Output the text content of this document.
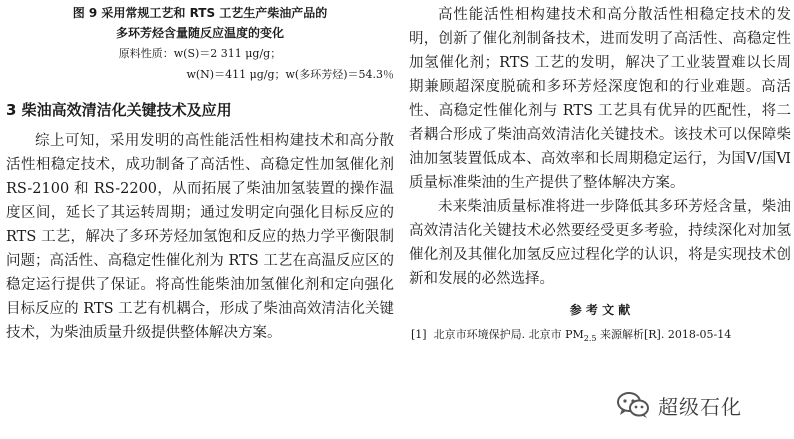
图 9 采用常规工艺和 RTS 工艺生产柴油产品的
多环芳烃含量随反应温度的变化
原料性质：w(S)＝2 311 μg/g；
w(N)＝411 μg/g；w(多环芳烃)＝54.3％
3 柴油高效清洁化关键技术及应用

综上可知，采用发明的高性能活性相构建技术和高分散活性相稳定技术，成功制备了高活性、高稳定性加氢催化剂 RS-2100 和 RS-2200，从而拓展了柴油加氢装置的操作温度区间，延长了其运转周期；通过发明定向强化目标反应的 RTS 工艺，解决了多环芳烃加氢饱和反应的热力学平衡限制问题；高活性、高稳定性催化剂为 RTS 工艺在高温反应区的稳定运行提供了保证。将高性能柴油加氢催化剂和定向强化目标反应的 RTS 工艺有机耦合，形成了柴油高效清洁化关键技术，为柴油质量升级提供整体解决方案。

高性能活性相构建技术和高分散活性相稳定技术的发明，创新了催化剂制备技术，进而发明了高活性、高稳定性加氢催化剂；RTS 工艺的发明，解决了工业装置难以长周期兼顾超深度脱硫和多环芳烃深度饱和的行业难题。高活性、高稳定性催化剂与 RTS 工艺具有优异的匹配性，将二者耦合形成了柴油高效清洁化关键技术。该技术可以保障柴油加氢装置低成本、高效率和长周期稳定运行，为国Ⅴ/国Ⅵ质量标准柴油的生产提供了整体解决方案。

未来柴油质量标准将进一步降低其多环芳烃含量，柴油高效清洁化关键技术必然要经受更多考验，持续深化对加氢催化剂及其催化加氢反应过程化学的认识，将是实现技术创新和发展的必然选择。

参 考 文 献
[1] 北京市环境保护局. 北京市 $PM_{2.5}$ 来源解析[R]. 2018-05-14
超级石化
